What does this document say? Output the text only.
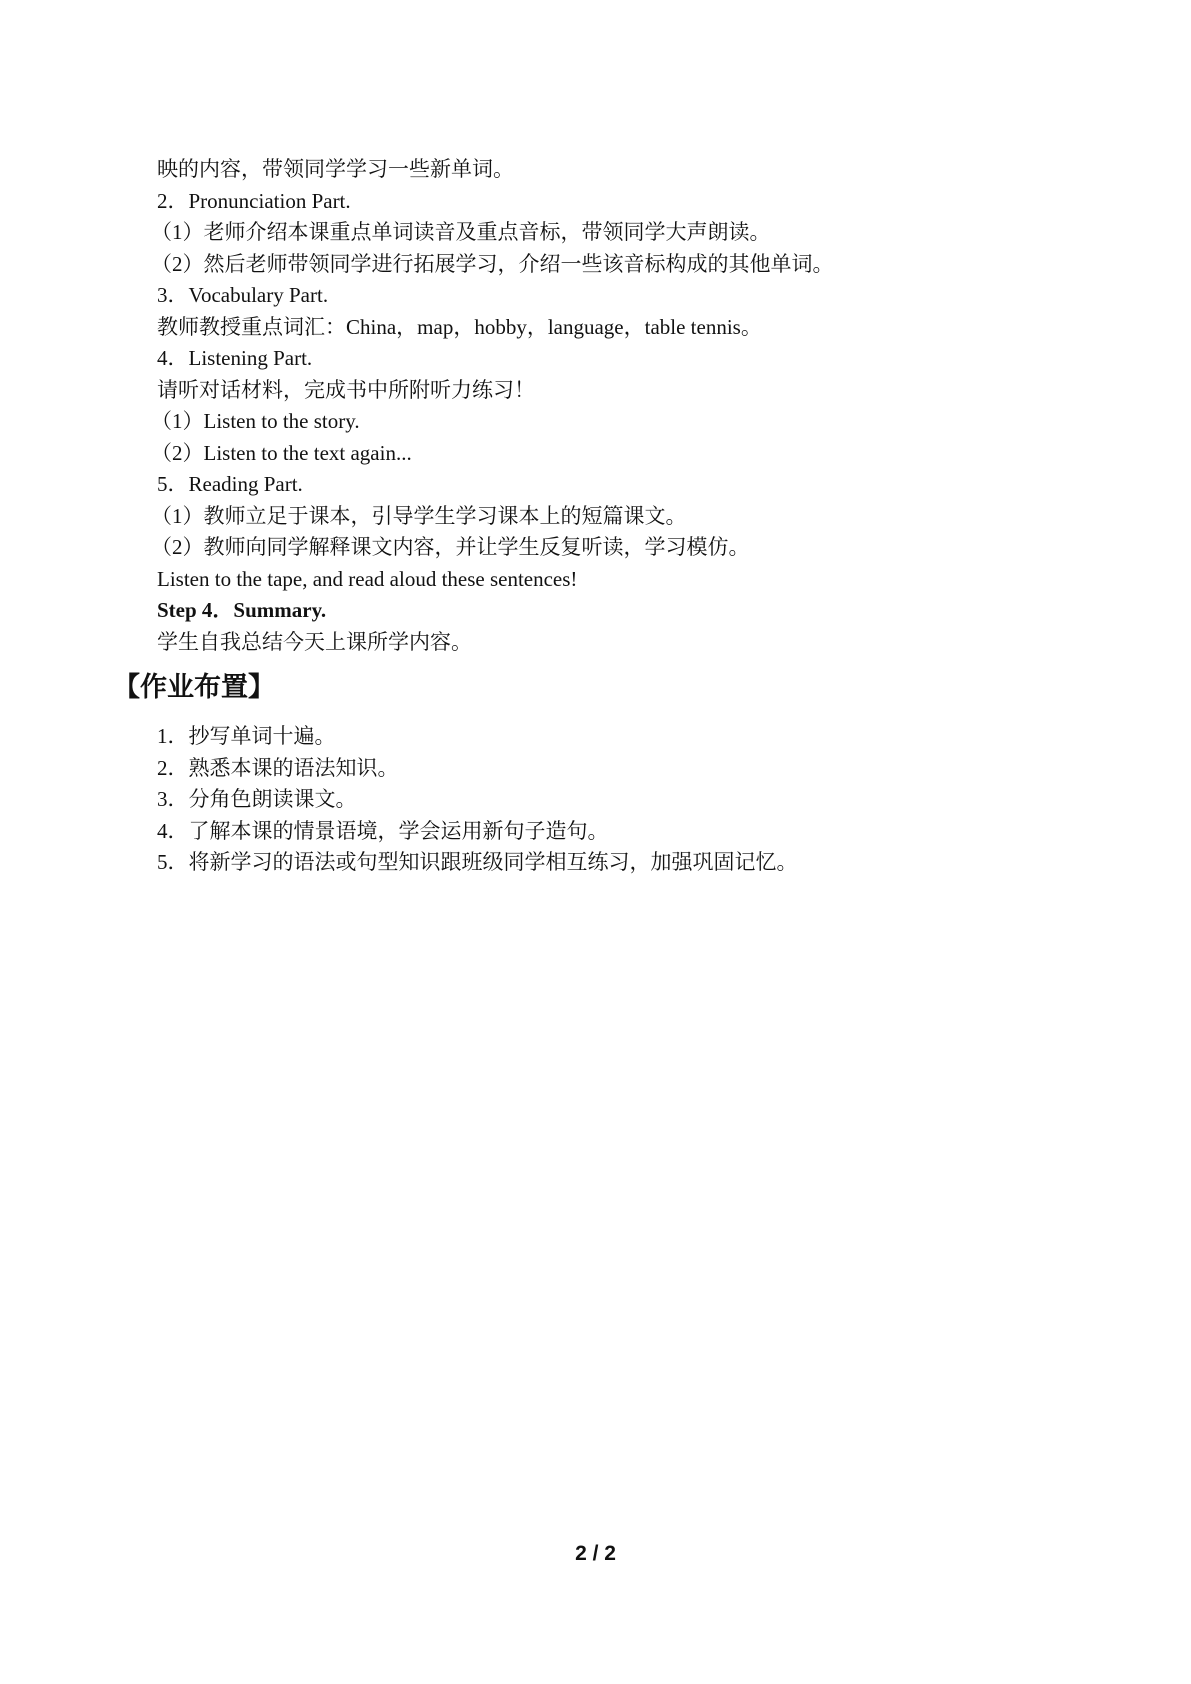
映的内容，带领同学学习一些新单词。
2．Pronunciation Part.
（1）老师介绍本课重点单词读音及重点音标，带领同学大声朗读。
（2）然后老师带领同学进行拓展学习，介绍一些该音标构成的其他单词。
3．Vocabulary Part.
教师教授重点词汇：China，map，hobby，language，table tennis。
4．Listening Part.
请听对话材料，完成书中所附听力练习！
（1）Listen to the story.
（2）Listen to the text again...
5．Reading Part.
（1）教师立足于课本，引导学生学习课本上的短篇课文。
（2）教师向同学解释课文内容，并让学生反复听读，学习模仿。
Listen to the tape, and read aloud these sentences!
Step 4．Summary.
学生自我总结今天上课所学内容。
【作业布置】
1．抄写单词十遍。
2．熟悉本课的语法知识。
3．分角色朗读课文。
4．了解本课的情景语境，学会运用新句子造句。
5．将新学习的语法或句型知识跟班级同学相互练习，加强巩固记忆。
2 / 2
